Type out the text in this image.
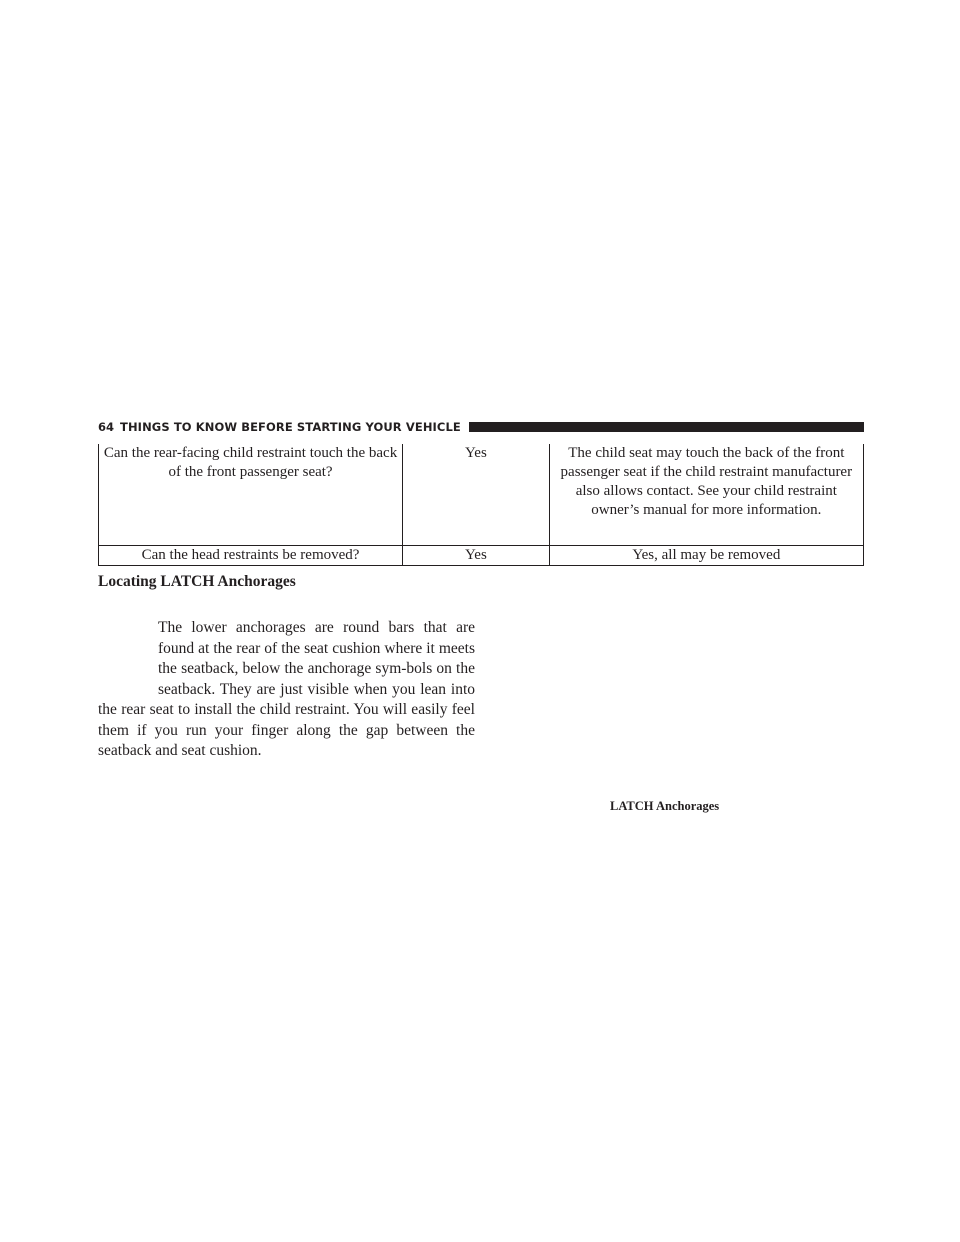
64 THINGS TO KNOW BEFORE STARTING YOUR VEHICLE
Can the rear-facing child restraint touch the back of the front passenger seat?	Yes	The child seat may touch the back of the front passenger seat if the child restraint manufacturer also allows contact. See your child restraint owner’s manual for more information.
Can the head restraints be removed?	Yes	Yes, all may be removed
Locating LATCH Anchorages

The lower anchorages are round bars that are found at the rear of the seat cushion where it meets the seatback, below the anchorage sym-bols on the seatback. They are just visible when you lean into the rear seat to install the child restraint. You will easily feel them if you run your finger along the gap between the seatback and seat cushion.

LATCH Anchorages
